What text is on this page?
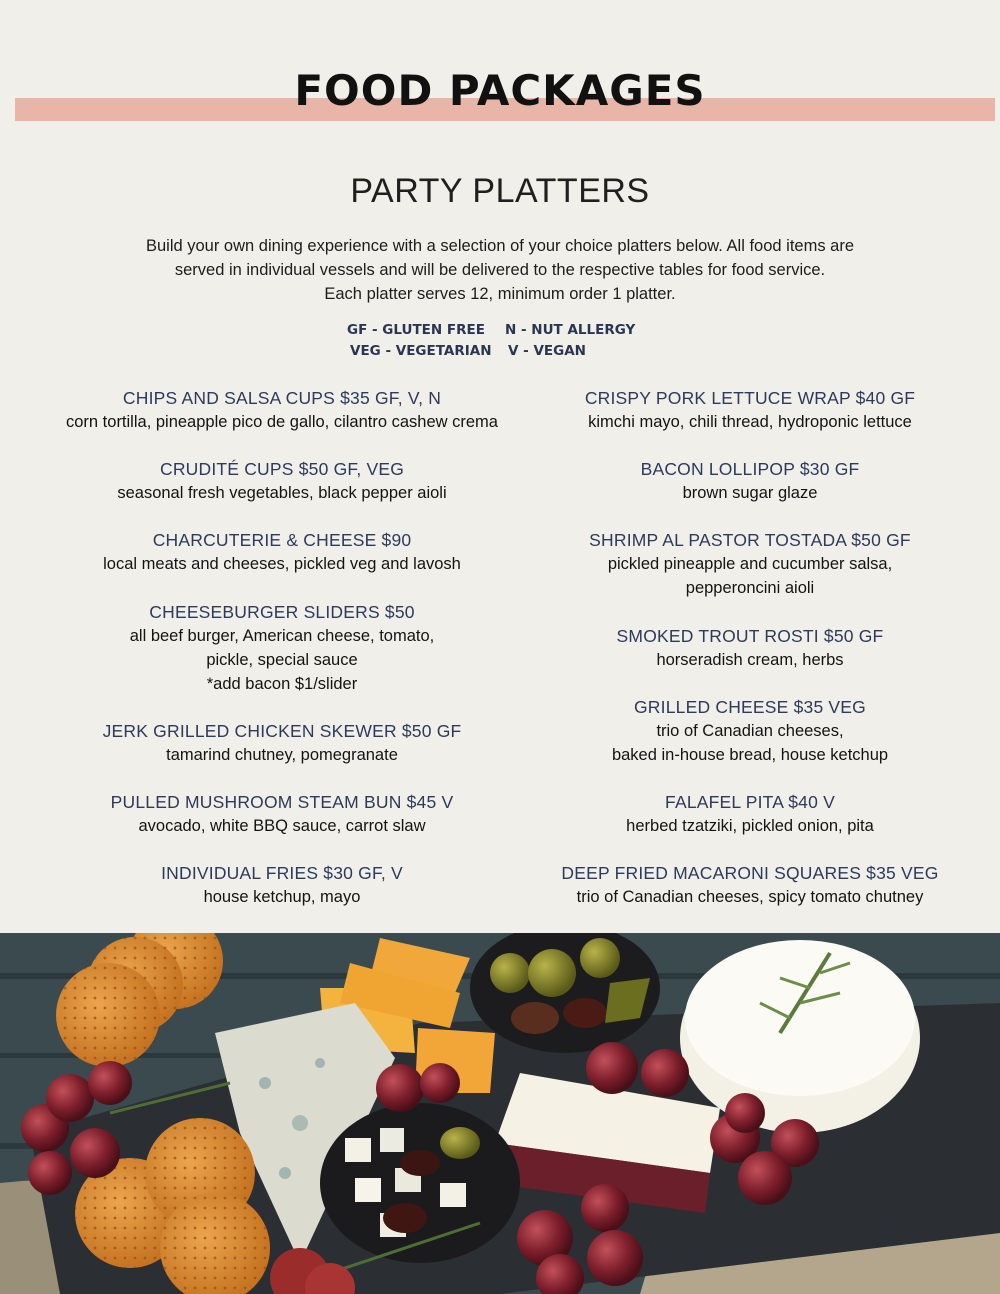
FOOD PACKAGES
PARTY PLATTERS
Build your own dining experience with a selection of your choice platters below. All food items are
served in individual vessels and will be delivered to the respective tables for food service.
Each platter serves 12, minimum order 1 platter.
GF - GLUTEN FREE N - NUT ALLERGY
VEG - VEGETARIAN V - VEGAN
CHIPS AND SALSA CUPS $35 GF, V, N
corn tortilla, pineapple pico de gallo, cilantro cashew crema
CRUDITÉ CUPS $50 GF, VEG
seasonal fresh vegetables, black pepper aioli
CHARCUTERIE & CHEESE $90
local meats and cheeses, pickled veg and lavosh
CHEESEBURGER SLIDERS $50
all beef burger, American cheese, tomato,
pickle, special sauce
*add bacon $1/slider
JERK GRILLED CHICKEN SKEWER $50 GF
tamarind chutney, pomegranate
PULLED MUSHROOM STEAM BUN $45 V
avocado, white BBQ sauce, carrot slaw
INDIVIDUAL FRIES $30 GF, V
house ketchup, mayo
CRISPY PORK LETTUCE WRAP $40 GF
kimchi mayo, chili thread, hydroponic lettuce
BACON LOLLIPOP $30 GF
brown sugar glaze
SHRIMP AL PASTOR TOSTADA $50 GF
pickled pineapple and cucumber salsa,
pepperoncini aioli
SMOKED TROUT ROSTI $50 GF
horseradish cream, herbs
GRILLED CHEESE $35 VEG
trio of Canadian cheeses,
baked in-house bread, house ketchup
FALAFEL PITA $40 V
herbed tzatziki, pickled onion, pita
DEEP FRIED MACARONI SQUARES $35 VEG
trio of Canadian cheeses, spicy tomato chutney
